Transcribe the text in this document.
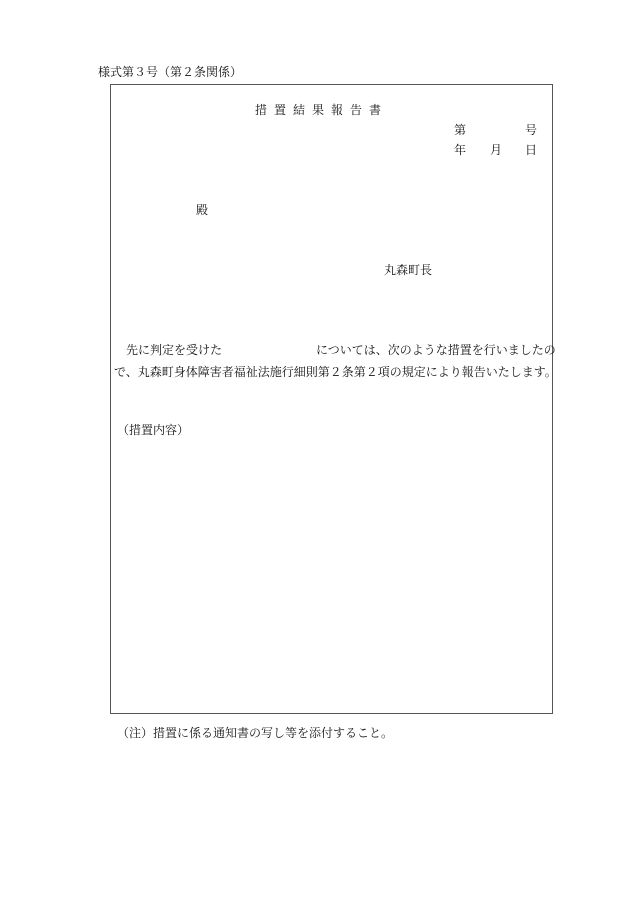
様式第３号（第２条関係）
措置結果報告書
第	号
年 月 日
殿
丸森町長
先に判定を受けた	については、次のような措置を行いましたの
で、丸森町身体障害者福祉法施行細則第２条第２項の規定により報告いたします。
（措置内容）
（注）措置に係る通知書の写し等を添付すること。
